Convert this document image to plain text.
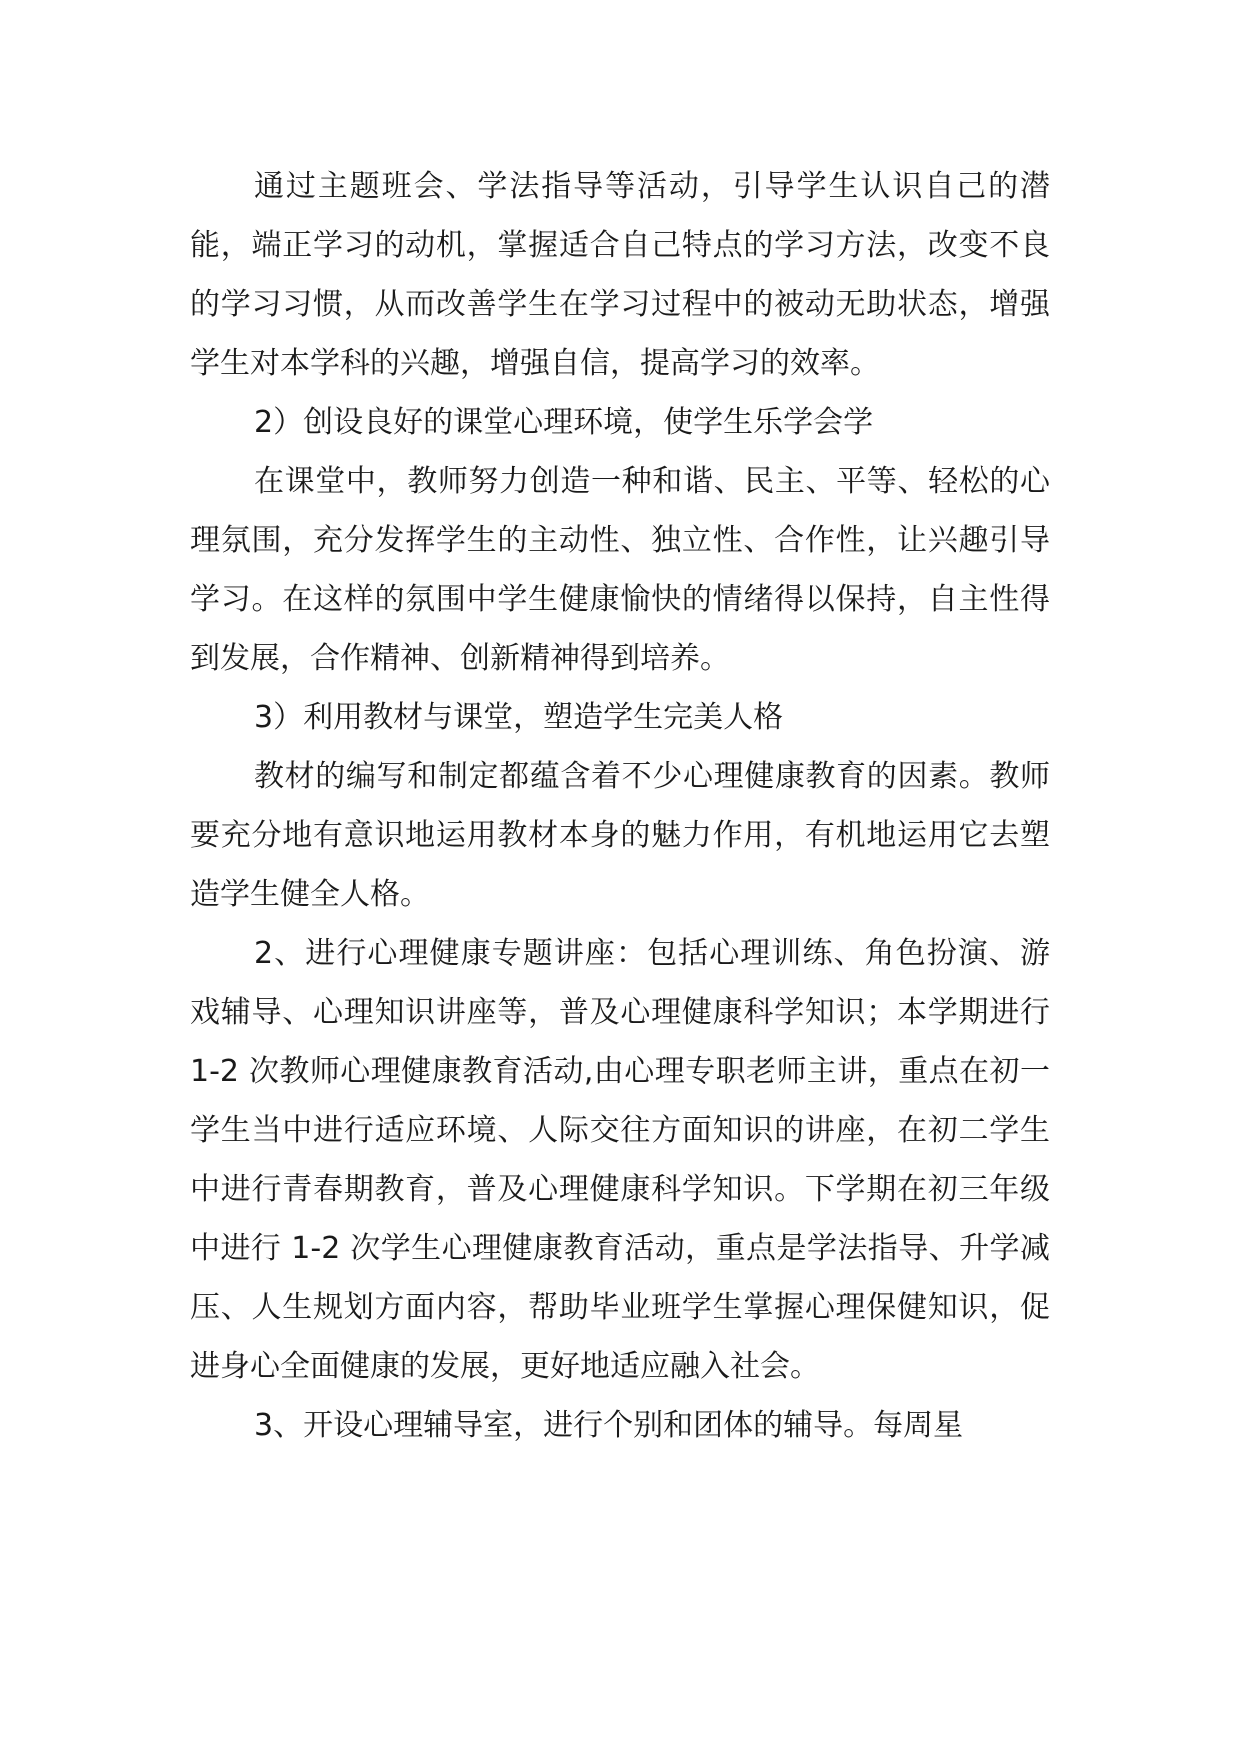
通过主题班会、学法指导等活动，引导学生认识自己的潜能，端正学习的动机，掌握适合自己特点的学习方法，改变不良的学习习惯，从而改善学生在学习过程中的被动无助状态，增强学生对本学科的兴趣，增强自信，提高学习的效率。

2）创设良好的课堂心理环境，使学生乐学会学

在课堂中，教师努力创造一种和谐、民主、平等、轻松的心理氛围，充分发挥学生的主动性、独立性、合作性，让兴趣引导学习。在这样的氛围中学生健康愉快的情绪得以保持，自主性得到发展，合作精神、创新精神得到培养。

3）利用教材与课堂，塑造学生完美人格

教材的编写和制定都蕴含着不少心理健康教育的因素。教师要充分地有意识地运用教材本身的魅力作用，有机地运用它去塑造学生健全人格。

2、进行心理健康专题讲座：包括心理训练、角色扮演、游戏辅导、心理知识讲座等，普及心理健康科学知识；本学期进行 1-2 次教师心理健康教育活动,由心理专职老师主讲，重点在初一学生当中进行适应环境、人际交往方面知识的讲座，在初二学生中进行青春期教育，普及心理健康科学知识。下学期在初三年级中进行 1-2 次学生心理健康教育活动，重点是学法指导、升学减压、人生规划方面内容，帮助毕业班学生掌握心理保健知识，促进身心全面健康的发展，更好地适应融入社会。

3、开设心理辅导室，进行个别和团体的辅导。每周星
